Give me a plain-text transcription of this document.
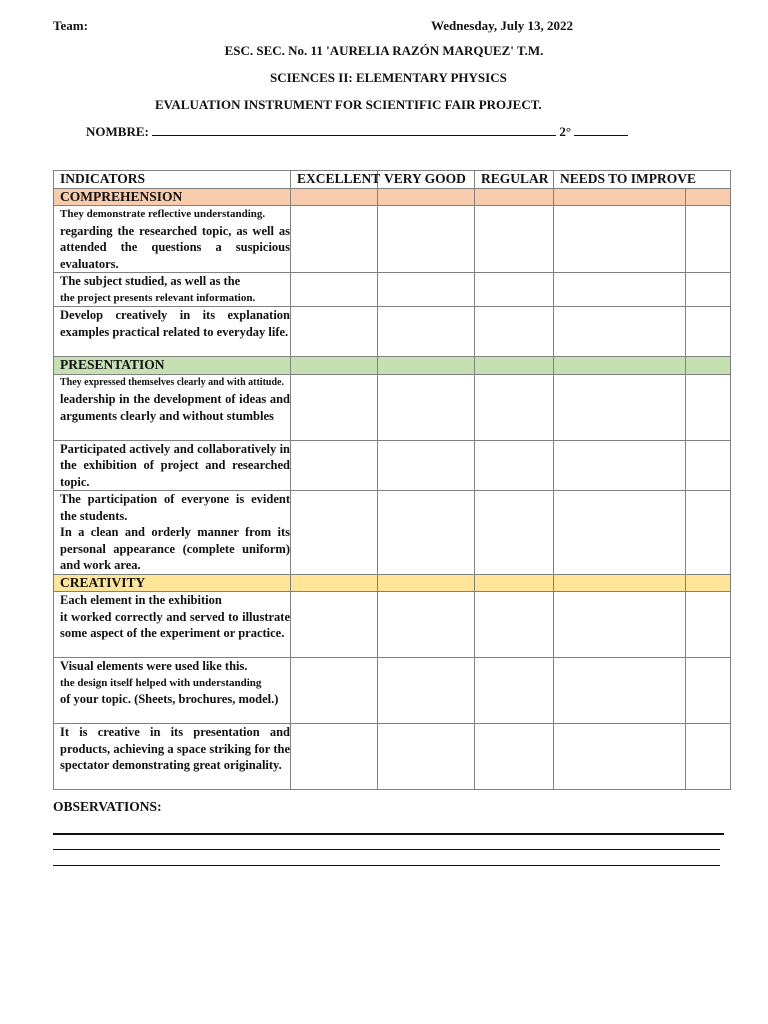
Team:	Wednesday, July 13, 2022
ESC. SEC. No. 11 'AURELIA RAZÓN MARQUEZ' T.M.
SCIENCES II: ELEMENTARY PHYSICS
EVALUATION INSTRUMENT FOR SCIENTIFIC FAIR PROJECT.
NOMBRE:	2°
INDICATORS	EXCELLENT	VERY GOOD	REGULAR	NEEDS TO IMPROVE	
COMPREHENSION					

They demonstrate reflective understanding.
regarding the researched topic, as well as attended the questions a suspicious evaluators.					

The subject studied, as well as the
the project presents relevant information.					

Develop creatively in its explanation examples practical related to everyday life.					

PRESENTATION					

They expressed themselves clearly and with attitude.
leadership in the development of ideas and arguments clearly and without stumbles					

Participated actively and collaboratively in the exhibition of project and researched topic.					

The participation of everyone is evident the students.
In a clean and orderly manner from its personal appearance (complete uniform) and work area.					

CREATIVITY					

Each element in the exhibition
it worked correctly and served to illustrate some aspect of the experiment or practice.					

Visual elements were used like this.
the design itself helped with understanding
of your topic. (Sheets, brochures, model.)					

It is creative in its presentation and products, achieving a space striking for the spectator demonstrating great originality.					

OBSERVATIONS:
